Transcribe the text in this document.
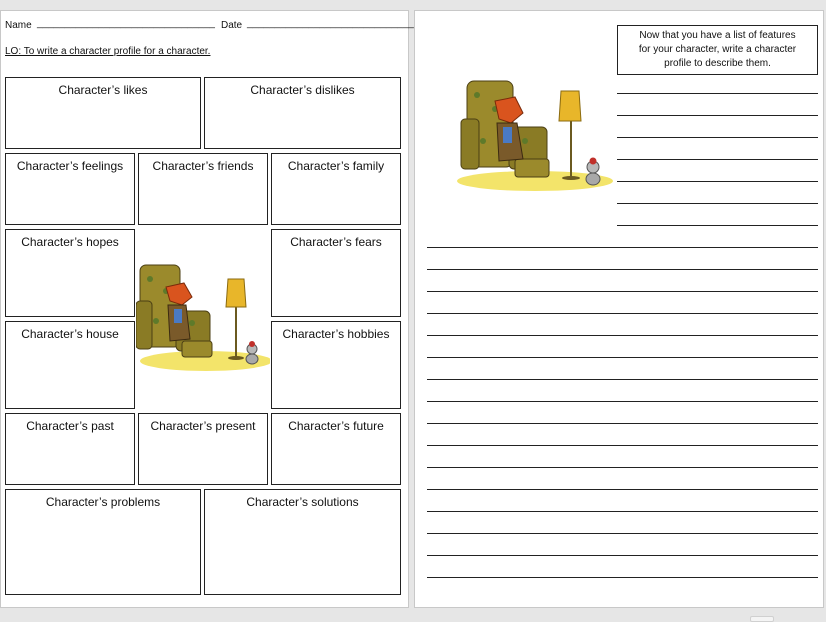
Name ________________________________ Date ______________________________
LO: To write a character profile for a character.
Character’s likes	Character’s dislikes
Character’s feelings	Character’s friends	Character’s family
Character’s hopes	Character’s fears
Character’s house	Character’s hobbies
Character’s past	Character’s present	Character’s future
Character’s problems	Character’s solutions
Now that you have a list of features
for your character, write a character
profile to describe them.
